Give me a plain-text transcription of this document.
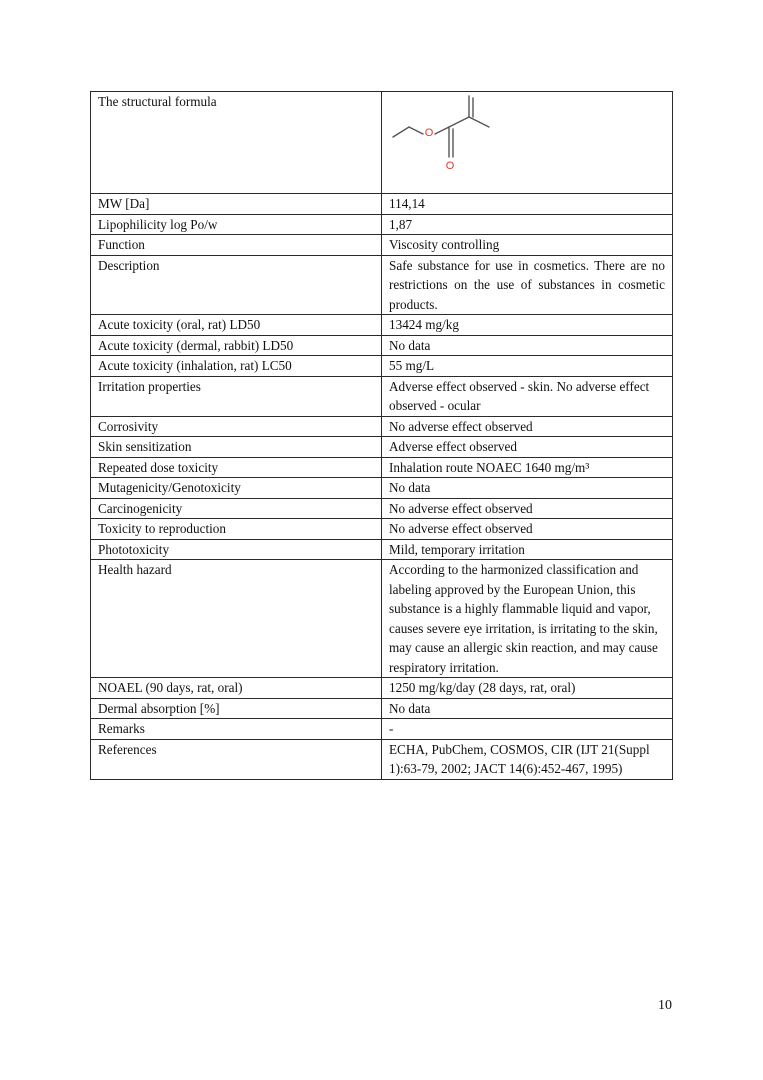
The structural formula	O
O

MW [Da]	114,14
Lipophilicity log Po/w	1,87
Function	Viscosity controlling
Description	Safe substance for use in cosmetics. There are no restrictions on the use of substances in cosmetic products.
Acute toxicity (oral, rat) LD50	13424 mg/kg
Acute toxicity (dermal, rabbit) LD50	No data
Acute toxicity (inhalation, rat) LC50	55 mg/L
Irritation properties	Adverse effect observed - skin. No adverse effect observed - ocular
Corrosivity	No adverse effect observed
Skin sensitization	Adverse effect observed
Repeated dose toxicity	Inhalation route NOAEC 1640 mg/m³
Mutagenicity/Genotoxicity	No data
Carcinogenicity	No adverse effect observed
Toxicity to reproduction	No adverse effect observed
Phototoxicity	Mild, temporary irritation
Health hazard	According to the harmonized classification and labeling approved by the European Union, this substance is a highly flammable liquid and vapor, causes severe eye irritation, is irritating to the skin, may cause an allergic skin reaction, and may cause respiratory irritation.
NOAEL (90 days, rat, oral)	1250 mg/kg/day (28 days, rat, oral)
Dermal absorption [%]	No data
Remarks	-
References	ECHA, PubChem, COSMOS, CIR (IJT 21(Suppl 1):63-79, 2002; JACT 14(6):452-467, 1995)
10
